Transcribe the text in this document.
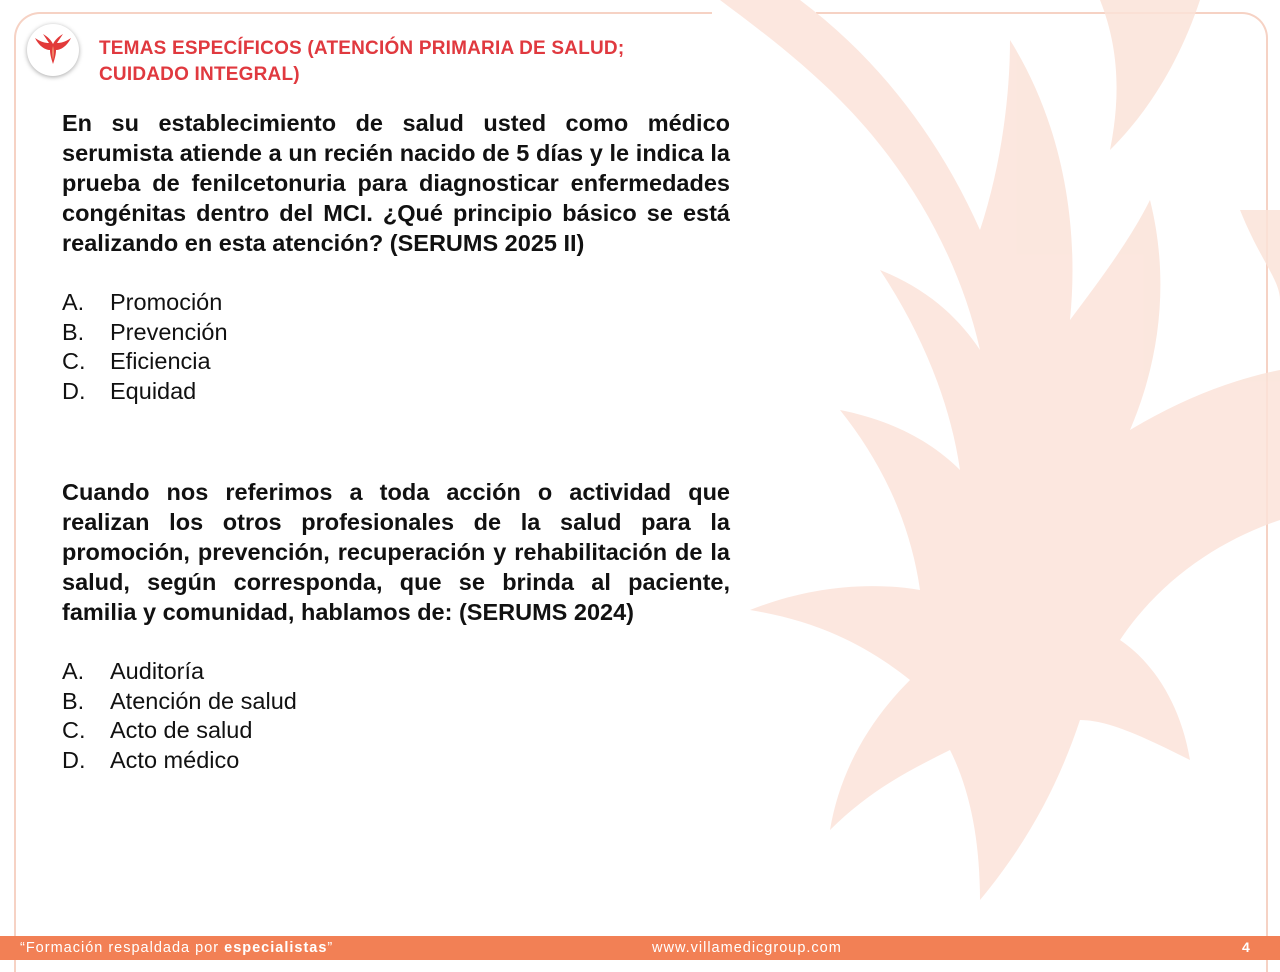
TEMAS ESPECÍFICOS (ATENCIÓN PRIMARIA DE SALUD;
CUIDADO INTEGRAL)
En su establecimiento de salud usted como médico serumista atiende a un recién nacido de 5 días y le indica la prueba de fenilcetonuria para diagnosticar enfermedades congénitas dentro del MCI. ¿Qué principio básico se está realizando en esta atención? (SERUMS 2025 II)
A.	Promoción
B.	Prevención
C.	Eficiencia
D.	Equidad
Cuando nos referimos a toda acción o actividad que realizan los otros profesionales de la salud para la promoción, prevención, recuperación y rehabilitación de la salud, según corresponda, que se brinda al paciente, familia y comunidad, hablamos de: (SERUMS 2024)
A.	Auditoría
B.	Atención de salud
C.	Acto de salud
D.	Acto médico
“Formación respaldada por especialistas”	www.villamedicgroup.com	4
